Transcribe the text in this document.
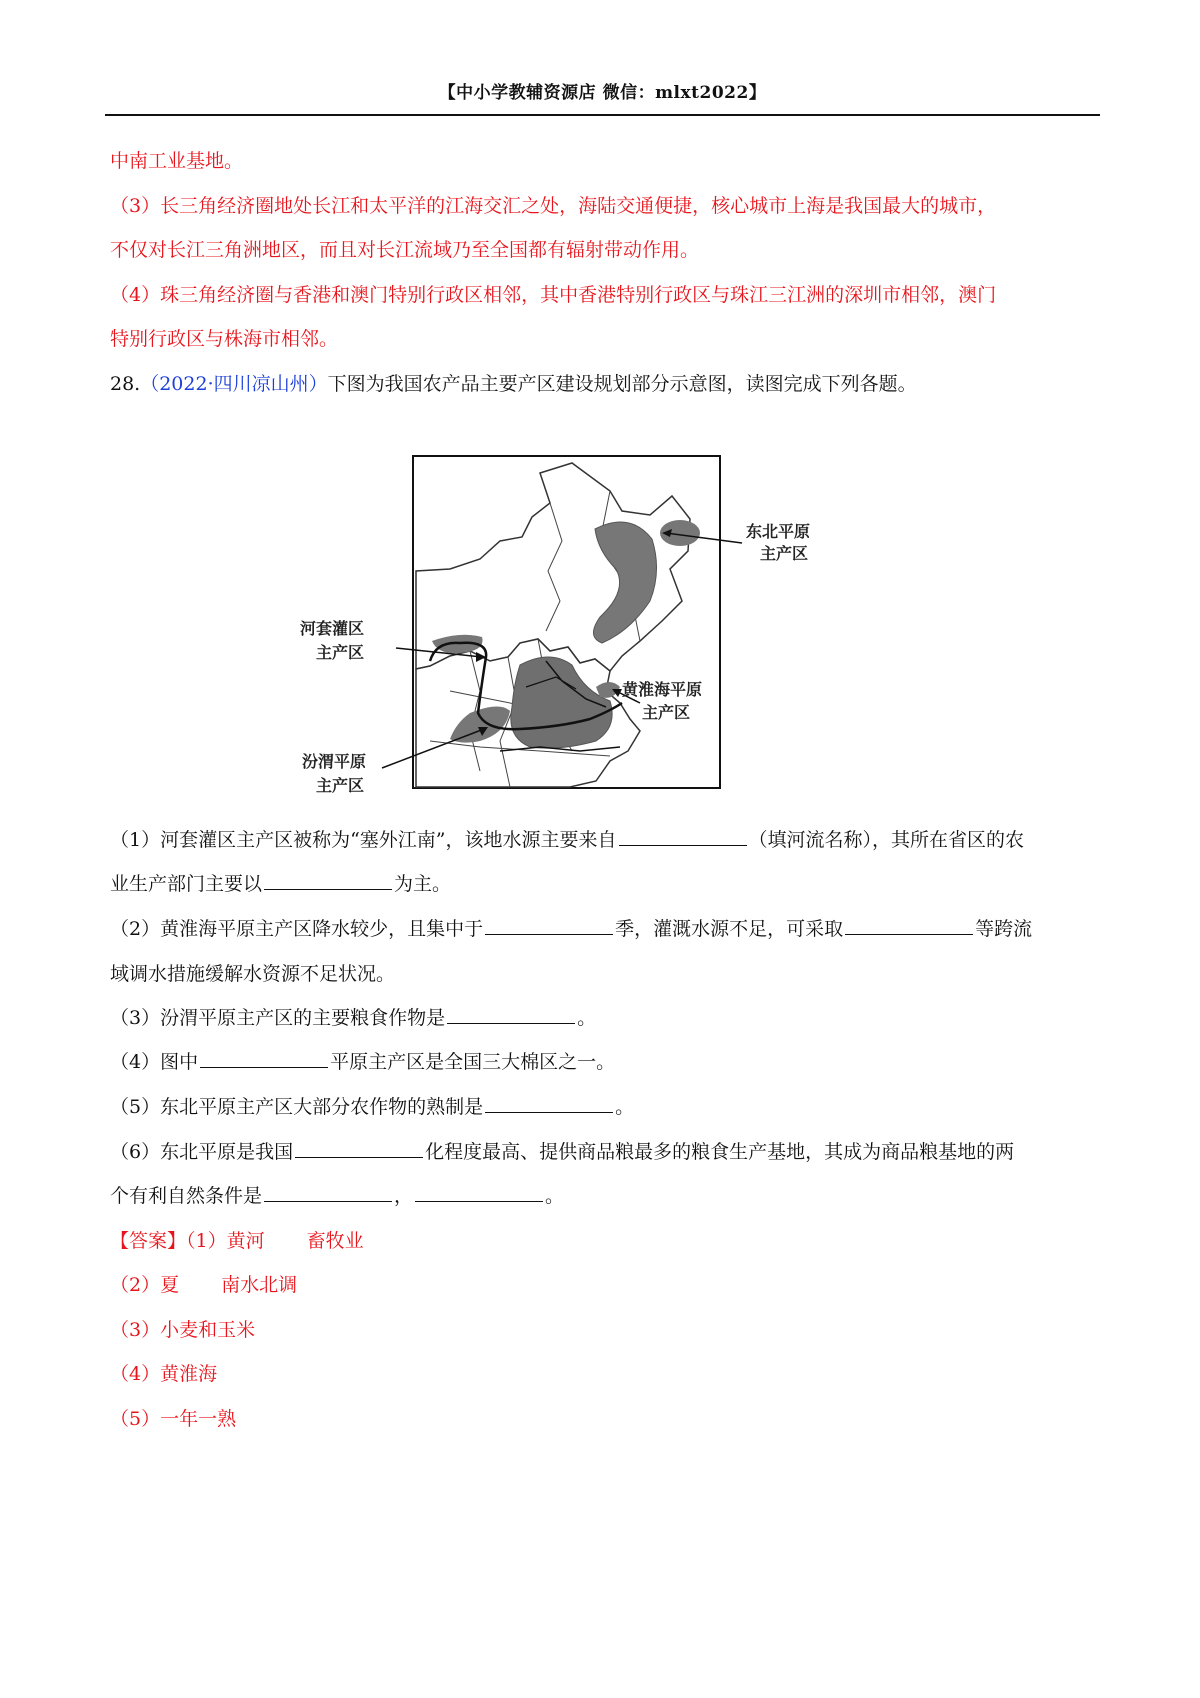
【中小学教辅资源店 微信：mlxt2022】
中南工业基地。
（3）长三角经济圈地处长江和太平洋的江海交汇之处，海陆交通便捷，核心城市上海是我国最大的城市，
不仅对长江三角洲地区，而且对长江流域乃至全国都有辐射带动作用。
（4）珠三角经济圈与香港和澳门特别行政区相邻，其中香港特别行政区与珠江三江洲的深圳市相邻，澳门
特别行政区与株海市相邻。
28.（2022·四川凉山州）下图为我国农产品主要产区建设规划部分示意图，读图完成下列各题。
东北平原
主产区
河套灌区
主产区
黄淮海平原
主产区
汾渭平原
主产区
（1）河套灌区主产区被称为“塞外江南”，该地水源主要来自	（填河流名称），其所在省区的农
业生产部门主要以	为主。
（2）黄淮海平原主产区降水较少，且集中于	季，灌溉水源不足，可采取	等跨流
域调水措施缓解水资源不足状况。
（3）汾渭平原主产区的主要粮食作物是	。
（4）图中	平原主产区是全国三大棉区之一。
（5）东北平原主产区大部分农作物的熟制是	。
（6）东北平原是我国	化程度最高、提供商品粮最多的粮食生产基地，其成为商品粮基地的两
个有利自然条件是	，	。
【答案】（1）黄河 畜牧业
（2）夏 南水北调
（3）小麦和玉米
（4）黄淮海
（5）一年一熟
